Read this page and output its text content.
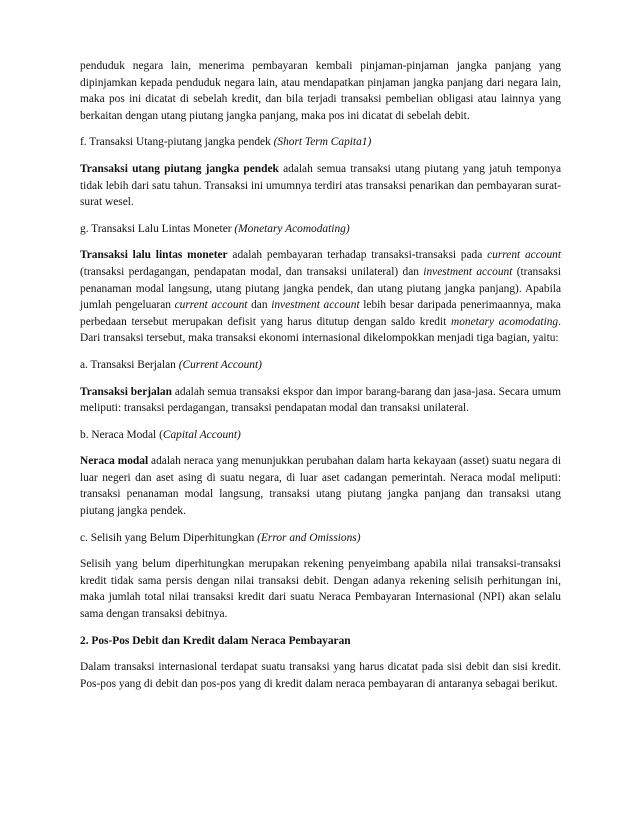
penduduk negara lain, menerima pembayaran kembali pinjaman-pinjaman jangka panjang yang dipinjamkan kepada penduduk negara lain, atau mendapatkan pinjaman jangka panjang dari negara lain, maka pos ini dicatat di sebelah kredit, dan bila terjadi transaksi pembelian obligasi atau lainnya yang berkaitan dengan utang piutang jangka panjang, maka pos ini dicatat di sebelah debit.

f. Transaksi Utang-piutang jangka pendek (Short Term Capita1)

Transaksi utang piutang jangka pendek adalah semua transaksi utang piutang yang jatuh temponya tidak lebih dari satu tahun. Transaksi ini umumnya terdiri atas transaksi penarikan dan pembayaran surat-surat wesel.

g. Transaksi Lalu Lintas Moneter (Monetary Acomodating)

Transaksi lalu lintas moneter adalah pembayaran terhadap transaksi-transaksi pada current account (transaksi perdagangan, pendapatan modal, dan transaksi unilateral) dan investment account (transaksi penanaman modal langsung, utang piutang jangka pendek, dan utang piutang jangka panjang). Apabila jumlah pengeluaran current account dan investment account lebih besar daripada penerimaannya, maka perbedaan tersebut merupakan defisit yang harus ditutup dengan saldo kredit monetary acomodating. Dari transaksi tersebut, maka transaksi ekonomi internasional dikelompokkan menjadi tiga bagian, yaitu:

a. Transaksi Berjalan (Current Account)

Transaksi berjalan adalah semua transaksi ekspor dan impor barang-barang dan jasa-jasa. Secara umum meliputi: transaksi perdagangan, transaksi pendapatan modal dan transaksi unilateral.

b. Neraca Modal (Capital Account)

Neraca modal adalah neraca yang menunjukkan perubahan dalam harta kekayaan (asset) suatu negara di luar negeri dan aset asing di suatu negara, di luar aset cadangan pemerintah. Neraca modal meliputi: transaksi penanaman modal langsung, transaksi utang piutang jangka panjang dan transaksi utang piutang jangka pendek.

c. Selisih yang Belum Diperhitungkan (Error and Omissions)

Selisih yang belum diperhitungkan merupakan rekening penyeimbang apabila nilai transaksi-transaksi kredit tidak sama persis dengan nilai transaksi debit. Dengan adanya rekening selisih perhitungan ini, maka jumlah total nilai transaksi kredit dari suatu Neraca Pembayaran Internasional (NPI) akan selalu sama dengan transaksi debitnya.

2. Pos-Pos Debit dan Kredit dalam Neraca Pembayaran

Dalam transaksi internasional terdapat suatu transaksi yang harus dicatat pada sisi debit dan sisi kredit. Pos-pos yang di debit dan pos-pos yang di kredit dalam neraca pembayaran di antaranya sebagai berikut.
